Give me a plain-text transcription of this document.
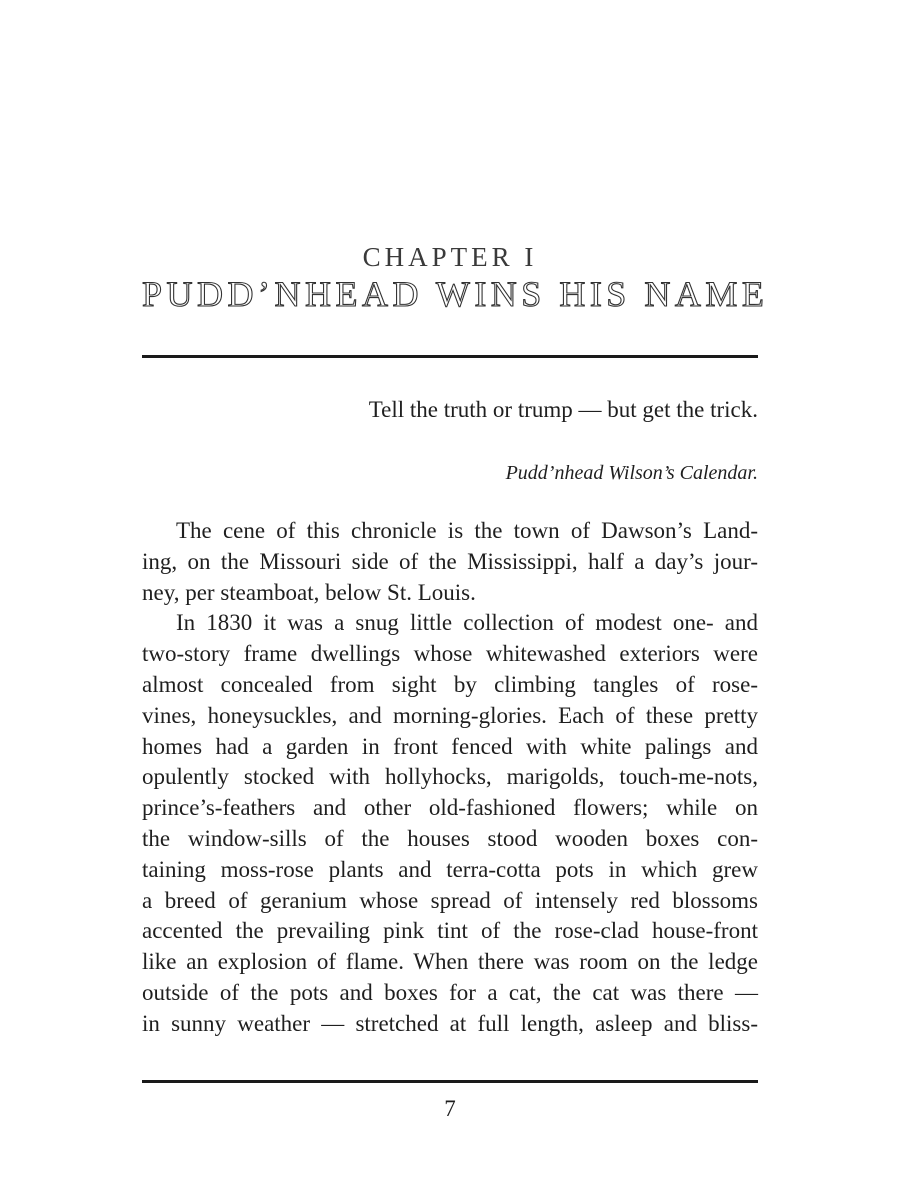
CHAPTER I
PUDD’NHEAD WINS HIS NAME
Tell the truth or trump — but get the trick.
Pudd’nhead Wilson’s Calendar.
The cene of this chronicle is the town of Dawson’s Land-
ing, on the Missouri side of the Mississippi, half a day’s jour-
ney, per steamboat, below St. Louis.
In 1830 it was a snug little collection of modest one- and
two-story frame dwellings whose whitewashed exteriors were
almost concealed from sight by climbing tangles of rose-
vines, honeysuckles, and morning-glories. Each of these pretty
homes had a garden in front fenced with white palings and
opulently stocked with hollyhocks, marigolds, touch-me-nots,
prince’s-feathers and other old-fashioned flowers; while on
the window-sills of the houses stood wooden boxes con-
taining moss-rose plants and terra-cotta pots in which grew
a breed of geranium whose spread of intensely red blossoms
accented the prevailing pink tint of the rose-clad house-front
like an explosion of flame. When there was room on the ledge
outside of the pots and boxes for a cat, the cat was there —
in sunny weather — stretched at full length, asleep and bliss-
7
